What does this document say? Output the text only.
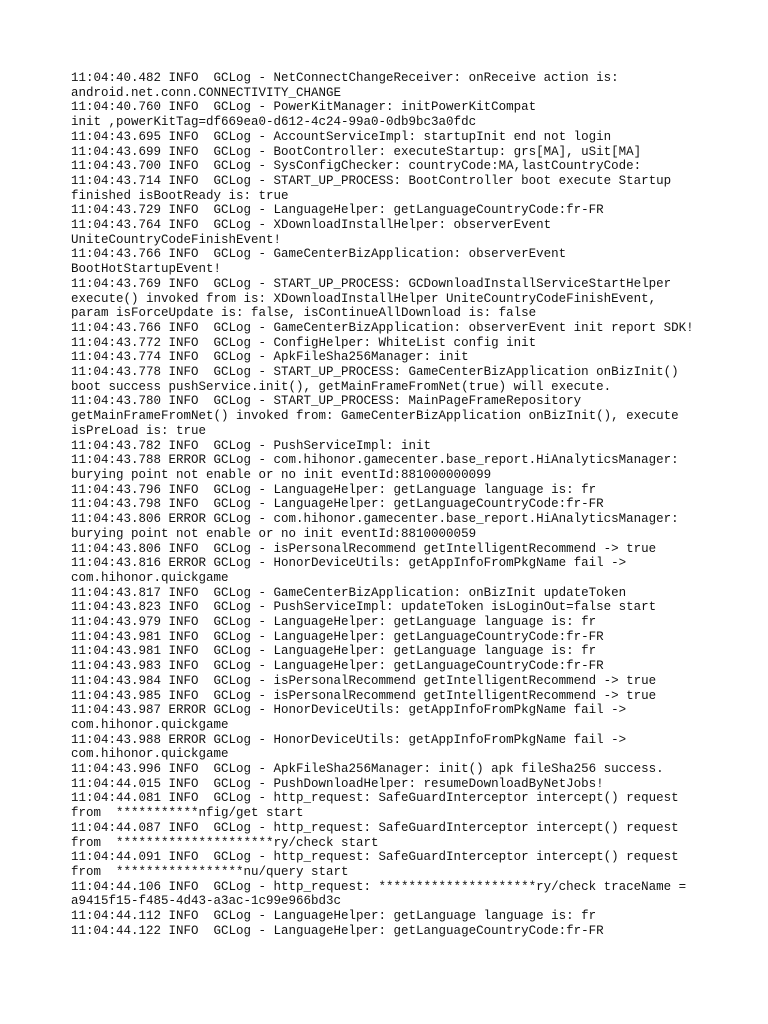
11:04:40.482 INFO  GCLog - NetConnectChangeReceiver: onReceive action is:
android.net.conn.CONNECTIVITY_CHANGE
11:04:40.760 INFO  GCLog - PowerKitManager: initPowerKitCompat
init ,powerKitTag=df669ea0-d612-4c24-99a0-0db9bc3a0fdc
11:04:43.695 INFO  GCLog - AccountServiceImpl: startupInit end not login
11:04:43.699 INFO  GCLog - BootController: executeStartup: grs[MA], uSit[MA]
11:04:43.700 INFO  GCLog - SysConfigChecker: countryCode:MA,lastCountryCode:
11:04:43.714 INFO  GCLog - START_UP_PROCESS: BootController boot execute Startup
finished isBootReady is: true
11:04:43.729 INFO  GCLog - LanguageHelper: getLanguageCountryCode:fr-FR
11:04:43.764 INFO  GCLog - XDownloadInstallHelper: observerEvent
UniteCountryCodeFinishEvent!
11:04:43.766 INFO  GCLog - GameCenterBizApplication: observerEvent
BootHotStartupEvent!
11:04:43.769 INFO  GCLog - START_UP_PROCESS: GCDownloadInstallServiceStartHelper
execute() invoked from is: XDownloadInstallHelper UniteCountryCodeFinishEvent,
param isForceUpdate is: false, isContinueAllDownload is: false
11:04:43.766 INFO  GCLog - GameCenterBizApplication: observerEvent init report SDK!
11:04:43.772 INFO  GCLog - ConfigHelper: WhiteList config init
11:04:43.774 INFO  GCLog - ApkFileSha256Manager: init
11:04:43.778 INFO  GCLog - START_UP_PROCESS: GameCenterBizApplication onBizInit()
boot success pushService.init(), getMainFrameFromNet(true) will execute.
11:04:43.780 INFO  GCLog - START_UP_PROCESS: MainPageFrameRepository
getMainFrameFromNet() invoked from: GameCenterBizApplication onBizInit(), execute
isPreLoad is: true
11:04:43.782 INFO  GCLog - PushServiceImpl: init
11:04:43.788 ERROR GCLog - com.hihonor.gamecenter.base_report.HiAnalyticsManager:
burying point not enable or no init eventId:881000000099
11:04:43.796 INFO  GCLog - LanguageHelper: getLanguage language is: fr
11:04:43.798 INFO  GCLog - LanguageHelper: getLanguageCountryCode:fr-FR
11:04:43.806 ERROR GCLog - com.hihonor.gamecenter.base_report.HiAnalyticsManager:
burying point not enable or no init eventId:8810000059
11:04:43.806 INFO  GCLog - isPersonalRecommend getIntelligentRecommend -> true
11:04:43.816 ERROR GCLog - HonorDeviceUtils: getAppInfoFromPkgName fail ->
com.hihonor.quickgame
11:04:43.817 INFO  GCLog - GameCenterBizApplication: onBizInit updateToken
11:04:43.823 INFO  GCLog - PushServiceImpl: updateToken isLoginOut=false start
11:04:43.979 INFO  GCLog - LanguageHelper: getLanguage language is: fr
11:04:43.981 INFO  GCLog - LanguageHelper: getLanguageCountryCode:fr-FR
11:04:43.981 INFO  GCLog - LanguageHelper: getLanguage language is: fr
11:04:43.983 INFO  GCLog - LanguageHelper: getLanguageCountryCode:fr-FR
11:04:43.984 INFO  GCLog - isPersonalRecommend getIntelligentRecommend -> true
11:04:43.985 INFO  GCLog - isPersonalRecommend getIntelligentRecommend -> true
11:04:43.987 ERROR GCLog - HonorDeviceUtils: getAppInfoFromPkgName fail ->
com.hihonor.quickgame
11:04:43.988 ERROR GCLog - HonorDeviceUtils: getAppInfoFromPkgName fail ->
com.hihonor.quickgame
11:04:43.996 INFO  GCLog - ApkFileSha256Manager: init() apk fileSha256 success.
11:04:44.015 INFO  GCLog - PushDownloadHelper: resumeDownloadByNetJobs!
11:04:44.081 INFO  GCLog - http_request: SafeGuardInterceptor intercept() request
from  ***********nfig/get start
11:04:44.087 INFO  GCLog - http_request: SafeGuardInterceptor intercept() request
from  *********************ry/check start
11:04:44.091 INFO  GCLog - http_request: SafeGuardInterceptor intercept() request
from  *****************nu/query start
11:04:44.106 INFO  GCLog - http_request: *********************ry/check traceName =
a9415f15-f485-4d43-a3ac-1c99e966bd3c
11:04:44.112 INFO  GCLog - LanguageHelper: getLanguage language is: fr
11:04:44.122 INFO  GCLog - LanguageHelper: getLanguageCountryCode:fr-FR
